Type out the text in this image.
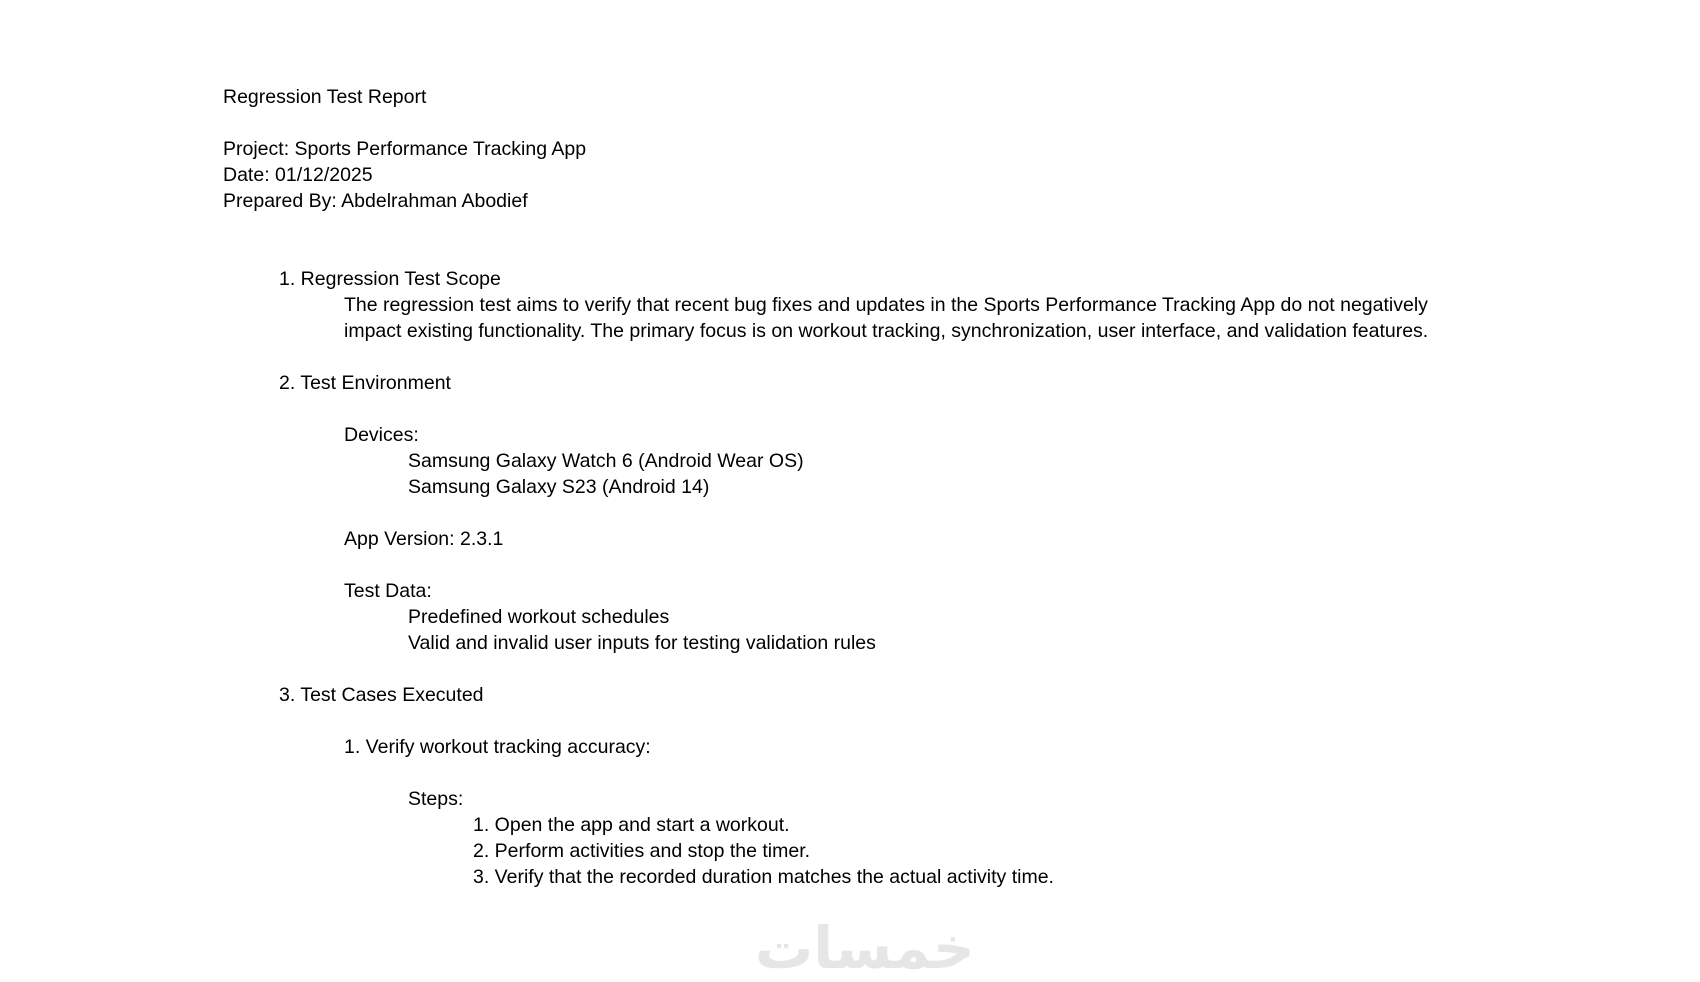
Regression Test Report
Project: Sports Performance Tracking App
Date: 01/12/2025
Prepared By: Abdelrahman Abodief
1. Regression Test Scope
The regression test aims to verify that recent bug fixes and updates in the Sports Performance Tracking App do not negatively
impact existing functionality. The primary focus is on workout tracking, synchronization, user interface, and validation features.
2. Test Environment
Devices:
Samsung Galaxy Watch 6 (Android Wear OS)
Samsung Galaxy S23 (Android 14)
App Version: 2.3.1
Test Data:
Predefined workout schedules
Valid and invalid user inputs for testing validation rules
3. Test Cases Executed
1. Verify workout tracking accuracy:
Steps:
1. Open the app and start a workout.
2. Perform activities and stop the timer.
3. Verify that the recorded duration matches the actual activity time.
خمسات
